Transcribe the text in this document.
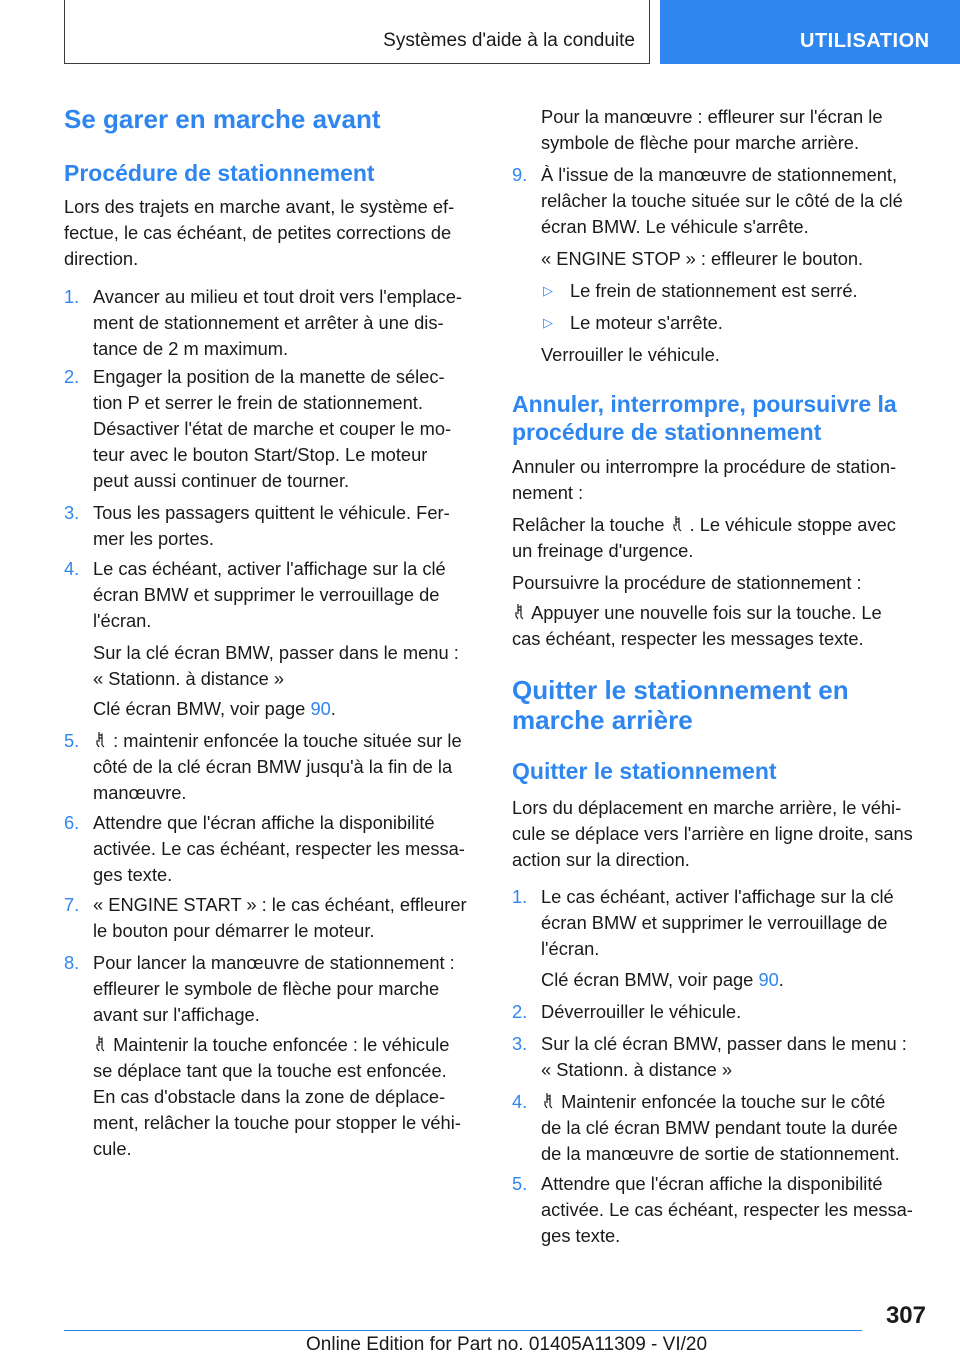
Systèmes d'aide à la conduite	UTILISATION
Se garer en marche avant
Procédure de stationnement
Lors des trajets en marche avant, le système ef-
fectue, le cas échéant, de petites corrections de
direction.
1. Avancer au milieu et tout droit vers l'emplace-
ment de stationnement et arrêter à une dis-
tance de 2 m maximum.
2. Engager la position de la manette de sélec-
tion P et serrer le frein de stationnement.
Désactiver l'état de marche et couper le mo-
teur avec le bouton Start/Stop. Le moteur
peut aussi continuer de tourner.
3. Tous les passagers quittent le véhicule. Fer-
mer les portes.
4. Le cas échéant, activer l'affichage sur la clé
écran BMW et supprimer le verrouillage de
l'écran.
Sur la clé écran BMW, passer dans le menu :
« Stationn. à distance »
Clé écran BMW, voir page 90.
5.	: maintenir enfoncée la touche située sur le
côté de la clé écran BMW jusqu'à la fin de la
manœuvre.
6. Attendre que l'écran affiche la disponibilité
activée. Le cas échéant, respecter les messa-
ges texte.
7. « ENGINE START » : le cas échéant, effleurer
le bouton pour démarrer le moteur.
8. Pour lancer la manœuvre de stationnement :
effleurer le symbole de flèche pour marche
avant sur l'affichage.
Maintenir la touche enfoncée : le véhicule
se déplace tant que la touche est enfoncée.
En cas d'obstacle dans la zone de déplace-
ment, relâcher la touche pour stopper le véhi-
cule.
Pour la manœuvre : effleurer sur l'écran le
symbole de flèche pour marche arrière.
9. À l'issue de la manœuvre de stationnement,
relâcher la touche située sur le côté de la clé
écran BMW. Le véhicule s'arrête.
« ENGINE STOP » : effleurer le bouton.
▷ Le frein de stationnement est serré.
▷ Le moteur s'arrête.
Verrouiller le véhicule.
Annuler, interrompre, poursuivre la
procédure de stationnement
Annuler ou interrompre la procédure de station-
nement :
Relâcher la touche
. Le véhicule stoppe avec
un freinage d'urgence.
Poursuivre la procédure de stationnement :
Appuyer une nouvelle fois sur la touche. Le
cas échéant, respecter les messages texte.
Quitter le stationnement en
marche arrière
Quitter le stationnement
Lors du déplacement en marche arrière, le véhi-
cule se déplace vers l'arrière en ligne droite, sans
action sur la direction.
1. Le cas échéant, activer l'affichage sur la clé
écran BMW et supprimer le verrouillage de
l'écran.
Clé écran BMW, voir page 90.
2. Déverrouiller le véhicule.
3. Sur la clé écran BMW, passer dans le menu :
« Stationn. à distance »
4.	Maintenir enfoncée la touche sur le côté
de la clé écran BMW pendant toute la durée
de la manœuvre de sortie de stationnement.
5. Attendre que l'écran affiche la disponibilité
activée. Le cas échéant, respecter les messa-
ges texte.
307
Online Edition for Part no. 01405A11309 - VI/20
